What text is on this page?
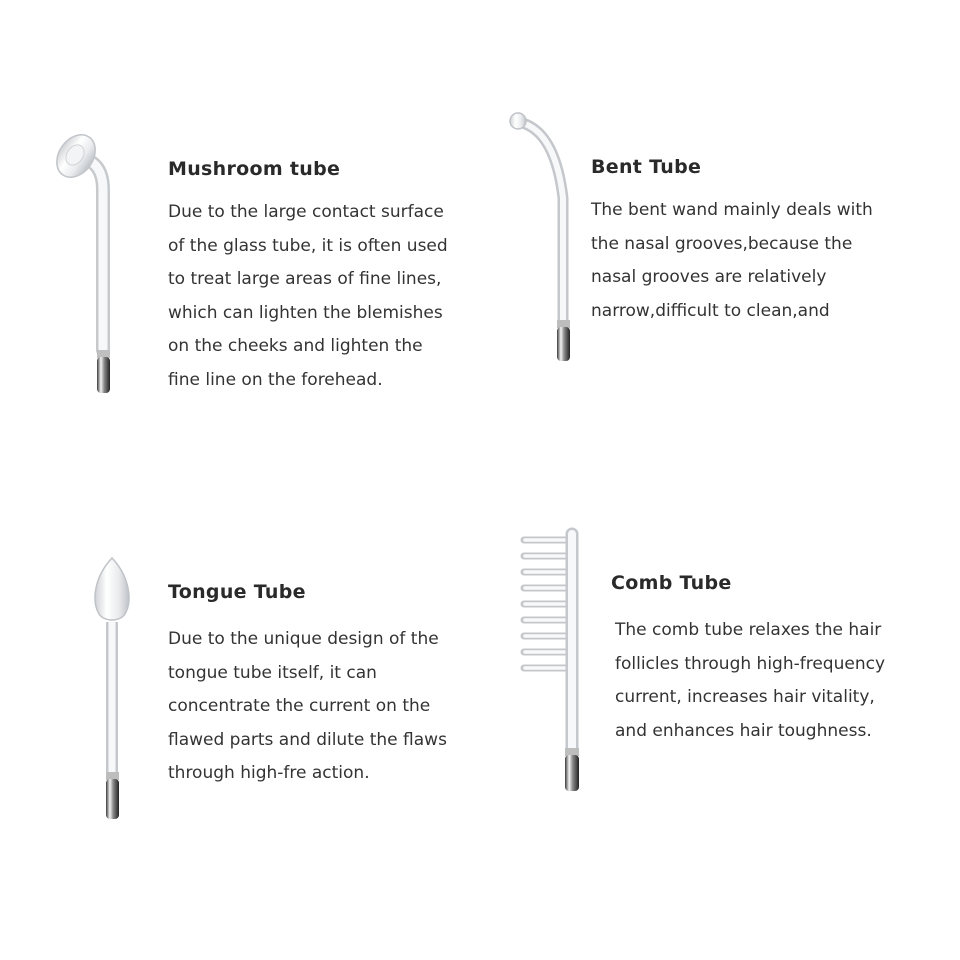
Mushroom tube

Due to the large contact surface
of the glass tube, it is often used
to treat large areas of fine lines,
which can lighten the blemishes
on the cheeks and lighten the
fine line on the forehead.

Bent Tube

The bent wand mainly deals with
the nasal grooves,because the
nasal grooves are relatively
narrow,difficult to clean,and

Tongue Tube

Due to the unique design of the
tongue tube itself, it can
concentrate the current on the
flawed parts and dilute the flaws
through high-fre action.

Comb Tube

The comb tube relaxes the hair
follicles through high-frequency
current, increases hair vitality,
and enhances hair toughness.
